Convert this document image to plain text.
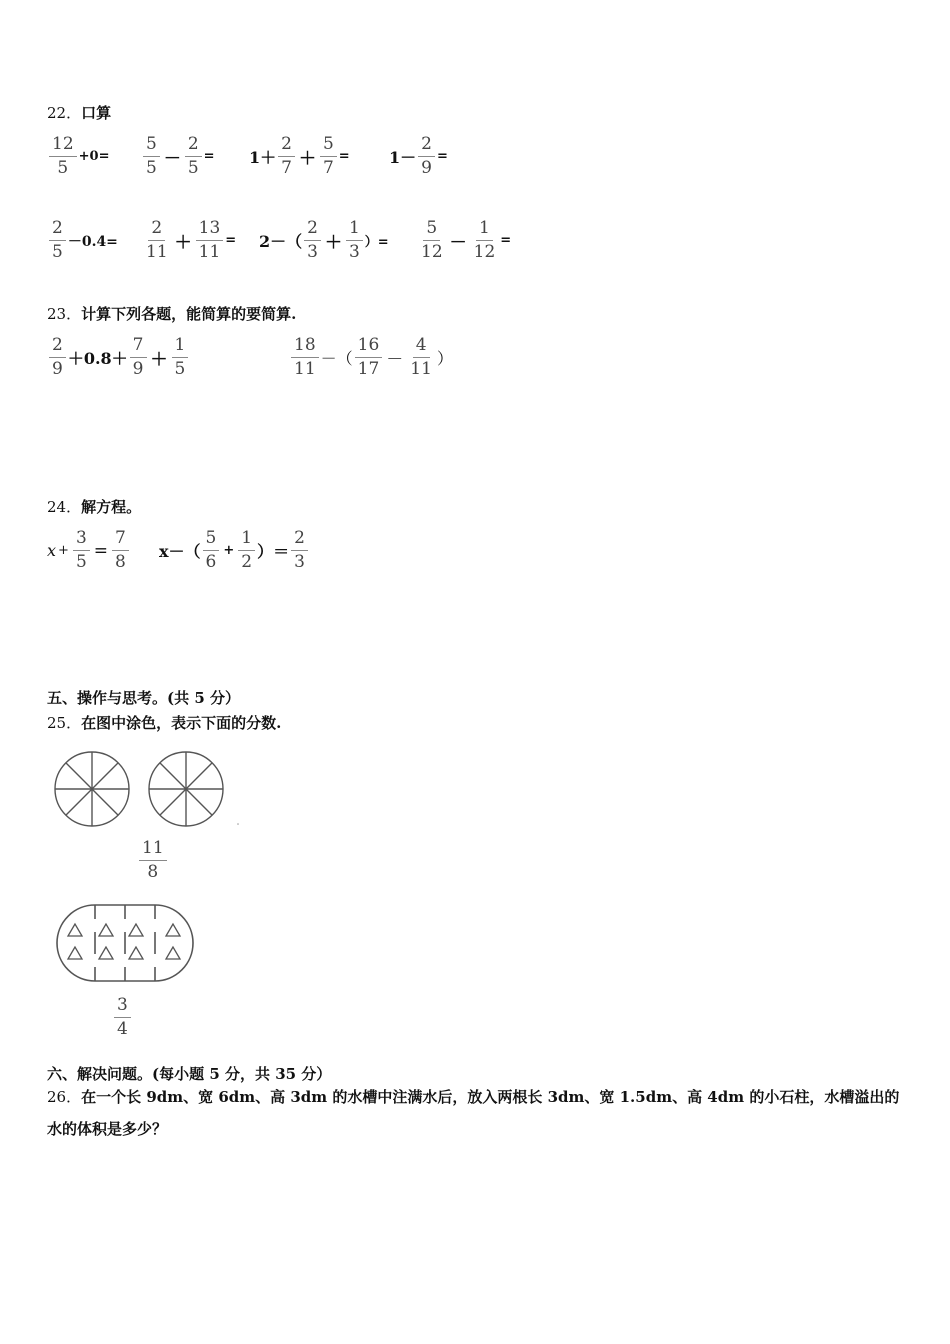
22．口算
$\frac{12}{5} +0= \frac{5}{5} - \frac{2}{5} = 1+ \frac{2}{7} + \frac{5}{7} = 1- \frac{2}{9}$ =
$\frac{2}{5} -0.4= \frac{2}{11} + \frac{13}{11} = 2-( \frac{2}{3} + \frac{1}{3}$ ）= $\frac{5}{12} - \frac{1}{12}$ =
23．计算下列各题，能简算的要简算.
$\frac{2}{9} +0.8+ \frac{7}{9} + \frac{1}{5}$	$\frac{18}{11}$ －（ $\frac{16}{17} - \frac{4}{11}$ ）
24．解方程。
$x + \frac{3}{5} = \frac{7}{8} x-( \frac{5}{6} + \frac{1}{2}$ ）＝ $\frac{2}{3}$
五、操作与思考。(共 5 分）
25．在图中涂色，表示下面的分数.
$\frac{11}{8}$
$\frac{3}{4}$
六、解决问题。(每小题 5 分，共 35 分）
26．在一个长 9dm、宽 6dm、高 3dm 的水槽中注满水后，放入两根长 3dm、宽 1.5dm、高 4dm 的小石柱，水槽溢出的水的体积是多少？
